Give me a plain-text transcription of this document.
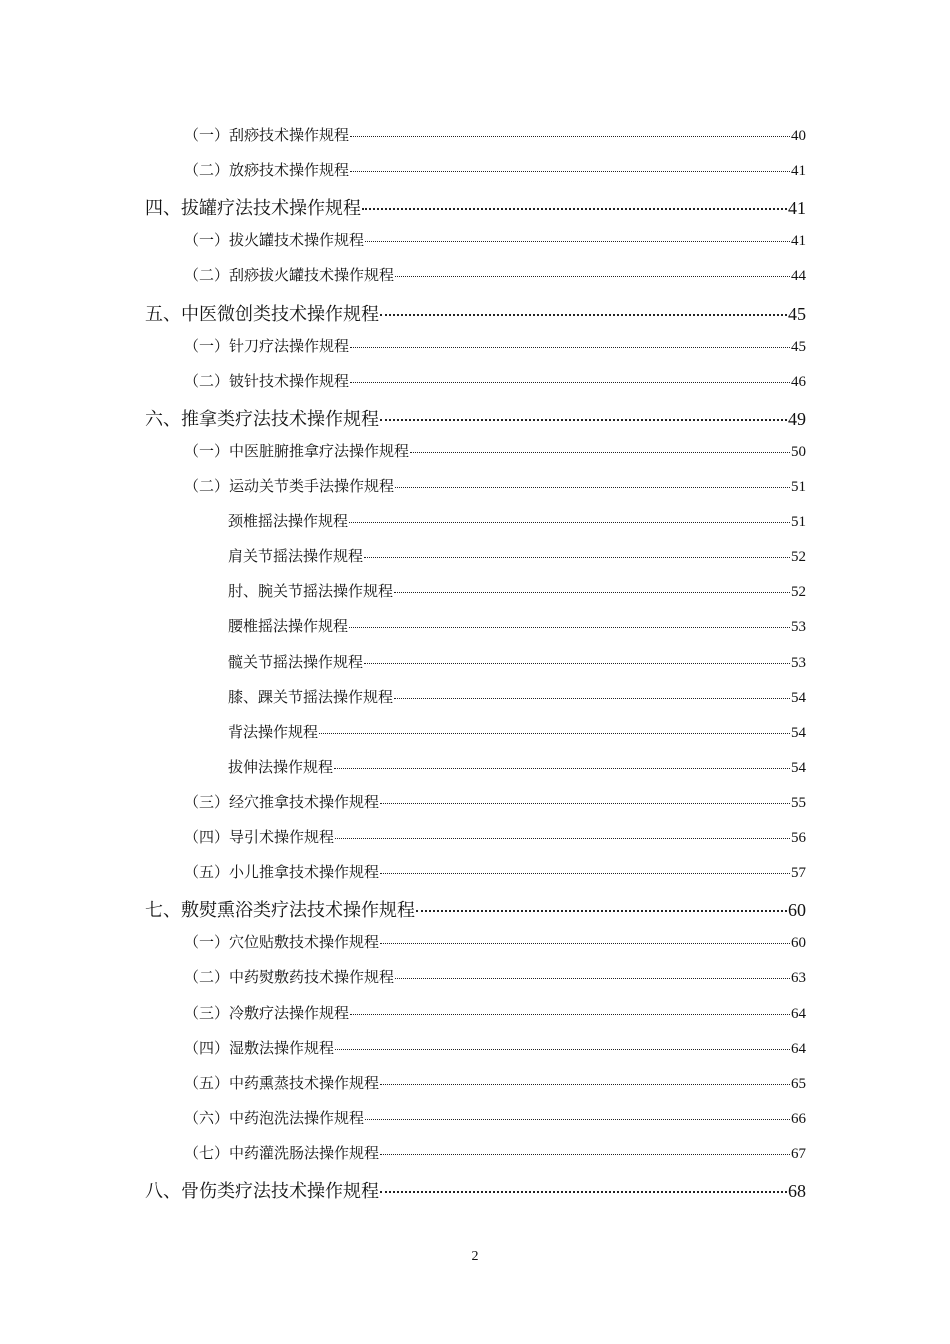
（一）刮痧技术操作规程	40
（二）放痧技术操作规程	41
四、拔罐疗法技术操作规程	41
（一）拔火罐技术操作规程	41
（二）刮痧拔火罐技术操作规程	44
五、中医微创类技术操作规程	45
（一）针刀疗法操作规程	45
（二）铍针技术操作规程	46
六、推拿类疗法技术操作规程	49
（一）中医脏腑推拿疗法操作规程	50
（二）运动关节类手法操作规程	51
颈椎摇法操作规程	51
肩关节摇法操作规程	52
肘、腕关节摇法操作规程	52
腰椎摇法操作规程	53
髋关节摇法操作规程	53
膝、踝关节摇法操作规程	54
背法操作规程	54
拔伸法操作规程	54
（三）经穴推拿技术操作规程	55
（四）导引术操作规程	56
（五）小儿推拿技术操作规程	57
七、敷熨熏浴类疗法技术操作规程	60
（一）穴位贴敷技术操作规程	60
（二）中药熨敷药技术操作规程	63
（三）冷敷疗法操作规程	64
（四）湿敷法操作规程	64
（五）中药熏蒸技术操作规程	65
（六）中药泡洗法操作规程	66
（七）中药灌洗肠法操作规程	67
八、骨伤类疗法技术操作规程	68
2
